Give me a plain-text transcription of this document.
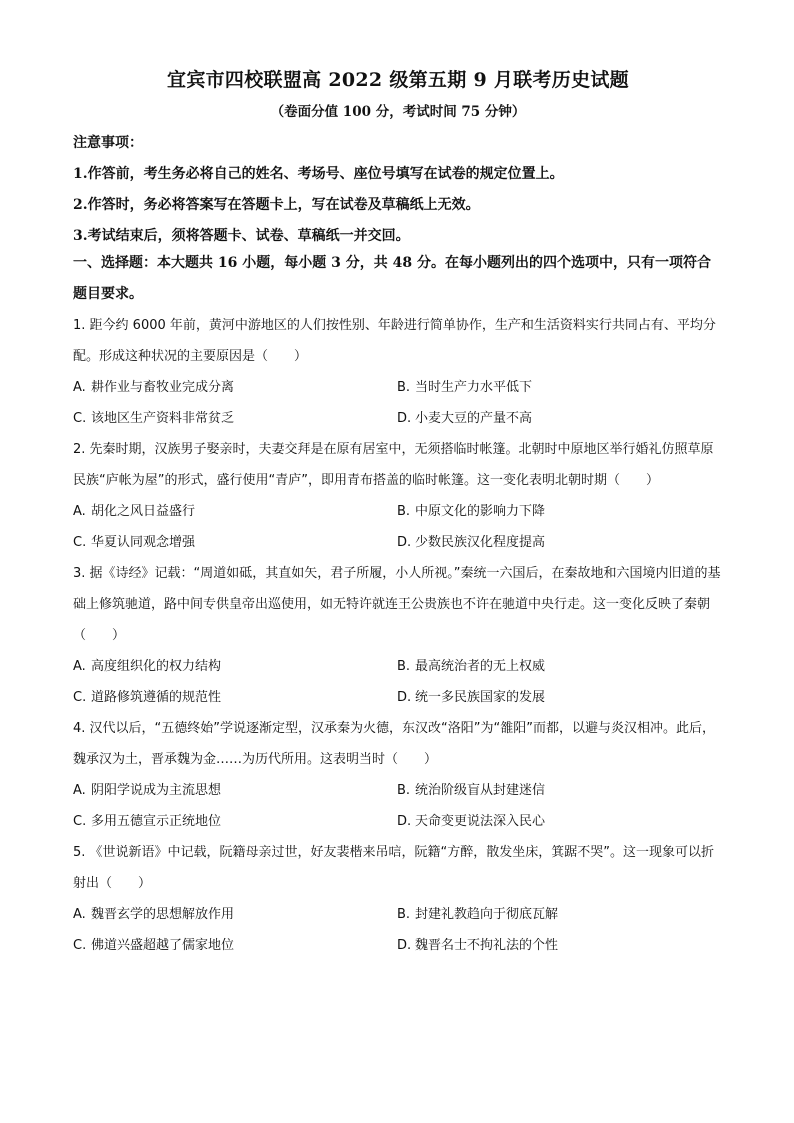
宜宾市四校联盟高 2022 级第五期 9 月联考历史试题
（卷面分值 100 分，考试时间 75 分钟）
注意事项：
1.作答前，考生务必将自己的姓名、考场号、座位号填写在试卷的规定位置上。
2.作答时，务必将答案写在答题卡上，写在试卷及草稿纸上无效。
3.考试结束后，须将答题卡、试卷、草稿纸一并交回。
一、选择题：本大题共 16 小题，每小题 3 分，共 48 分。在每小题列出的四个选项中，只有一项符合题目要求。

1. 距今约 6000 年前，黄河中游地区的人们按性别、年龄进行简单协作，生产和生活资料实行共同占有、平均分配。形成这种状况的主要原因是（　　）

A. 耕作业与畜牧业完成分离	B. 当时生产力水平低下
C. 该地区生产资料非常贫乏	D. 小麦大豆的产量不高

2. 先秦时期，汉族男子娶亲时，夫妻交拜是在原有居室中，无须搭临时帐篷。北朝时中原地区举行婚礼仿照草原民族“庐帐为屋”的形式，盛行使用“青庐”，即用青布搭盖的临时帐篷。这一变化表明北朝时期（　　）

A. 胡化之风日益盛行	B. 中原文化的影响力下降
C. 华夏认同观念增强	D. 少数民族汉化程度提高

3. 据《诗经》记载：“周道如砥，其直如矢，君子所履，小人所视。”秦统一六国后，在秦故地和六国境内旧道的基础上修筑驰道，路中间专供皇帝出巡使用，如无特许就连王公贵族也不许在驰道中央行走。这一变化反映了秦朝（　　）

A. 高度组织化的权力结构	B. 最高统治者的无上权威
C. 道路修筑遵循的规范性	D. 统一多民族国家的发展

4. 汉代以后，“五德终始”学说逐渐定型，汉承秦为火德，东汉改“洛阳”为“雒阳”而都，以避与炎汉相冲。此后，魏承汉为土，晋承魏为金……为历代所用。这表明当时（　　）

A. 阴阳学说成为主流思想	B. 统治阶级盲从封建迷信
C. 多用五德宣示正统地位	D. 天命变更说法深入民心

5. 《世说新语》中记载，阮籍母亲过世，好友裴楷来吊唁，阮籍“方醉，散发坐床，箕踞不哭”。这一现象可以折射出（　　）

A. 魏晋玄学的思想解放作用	B. 封建礼教趋向于彻底瓦解
C. 佛道兴盛超越了儒家地位	D. 魏晋名士不拘礼法的个性
